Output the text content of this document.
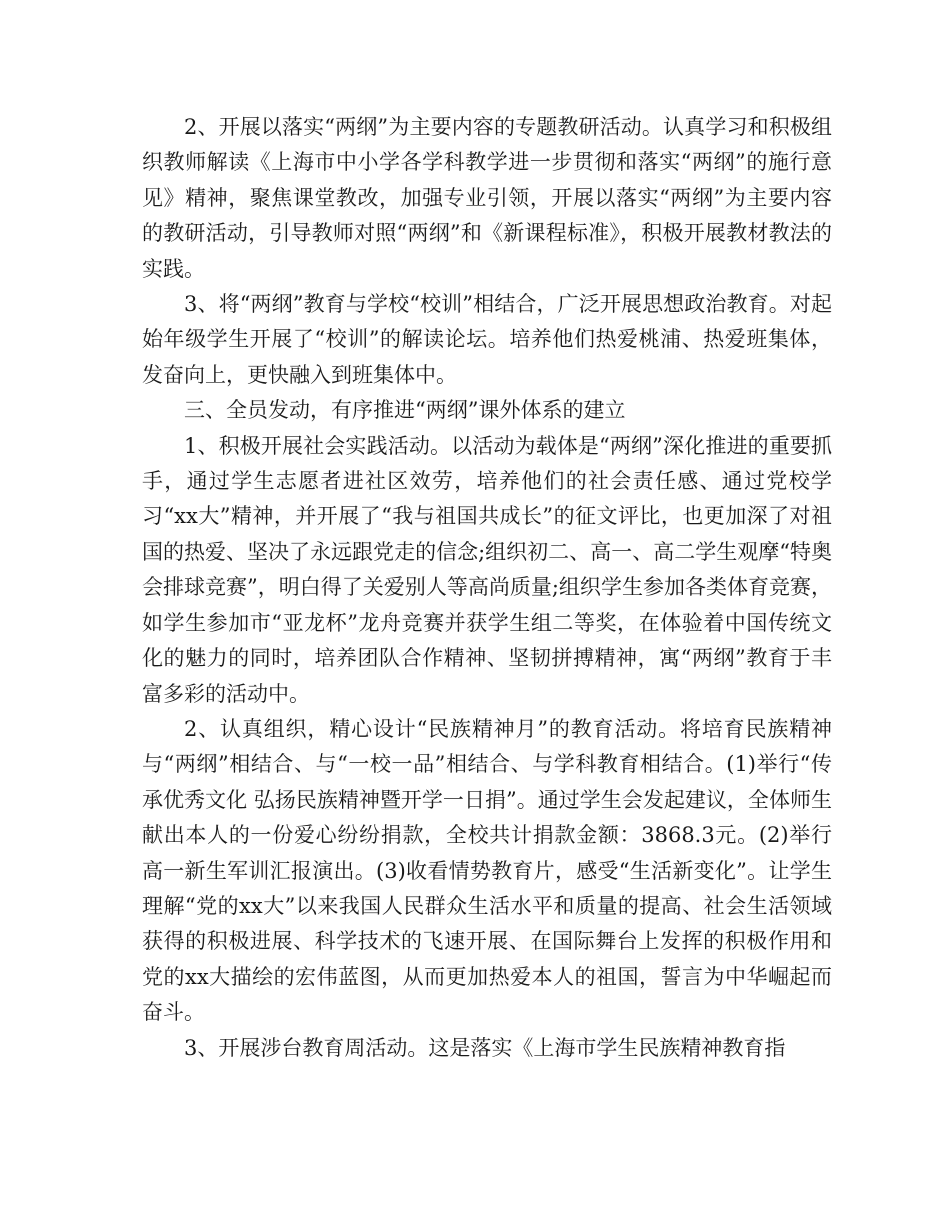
2、开展以落实“两纲”为主要内容的专题教研活动。认真学习和积极组织教师解读《上海市中小学各学科教学进一步贯彻和落实“两纲”的施行意见》精神，聚焦课堂教改，加强专业引领，开展以落实“两纲”为主要内容的教研活动，引导教师对照“两纲”和《新课程标准》，积极开展教材教法的实践。

3、将“两纲”教育与学校“校训”相结合，广泛开展思想政治教育。对起始年级学生开展了“校训”的解读论坛。培养他们热爱桃浦、热爱班集体，发奋向上，更快融入到班集体中。

三、全员发动，有序推进“两纲”课外体系的建立

1、积极开展社会实践活动。以活动为载体是“两纲”深化推进的重要抓手，通过学生志愿者进社区效劳，培养他们的社会责任感、通过党校学习“xx大”精神，并开展了“我与祖国共成长”的征文评比，也更加深了对祖国的热爱、坚决了永远跟党走的信念;组织初二、高一、高二学生观摩“特奥会排球竞赛”，明白得了关爱别人等高尚质量;组织学生参加各类体育竞赛，如学生参加市“亚龙杯”龙舟竞赛并获学生组二等奖，在体验着中国传统文化的魅力的同时，培养团队合作精神、坚韧拼搏精神，寓“两纲”教育于丰富多彩的活动中。

2、认真组织，精心设计“民族精神月”的教育活动。将培育民族精神与“两纲”相结合、与“一校一品”相结合、与学科教育相结合。(1)举行“传承优秀文化 弘扬民族精神暨开学一日捐”。通过学生会发起建议，全体师生献出本人的一份爱心纷纷捐款，全校共计捐款金额：3868.3元。(2)举行高一新生军训汇报演出。(3)收看情势教育片，感受“生活新变化”。让学生理解“党的xx大”以来我国人民群众生活水平和质量的提高、社会生活领域获得的积极进展、科学技术的飞速开展、在国际舞台上发挥的积极作用和党的xx大描绘的宏伟蓝图，从而更加热爱本人的祖国，誓言为中华崛起而奋斗。

3、开展涉台教育周活动。这是落实《上海市学生民族精神教育指
